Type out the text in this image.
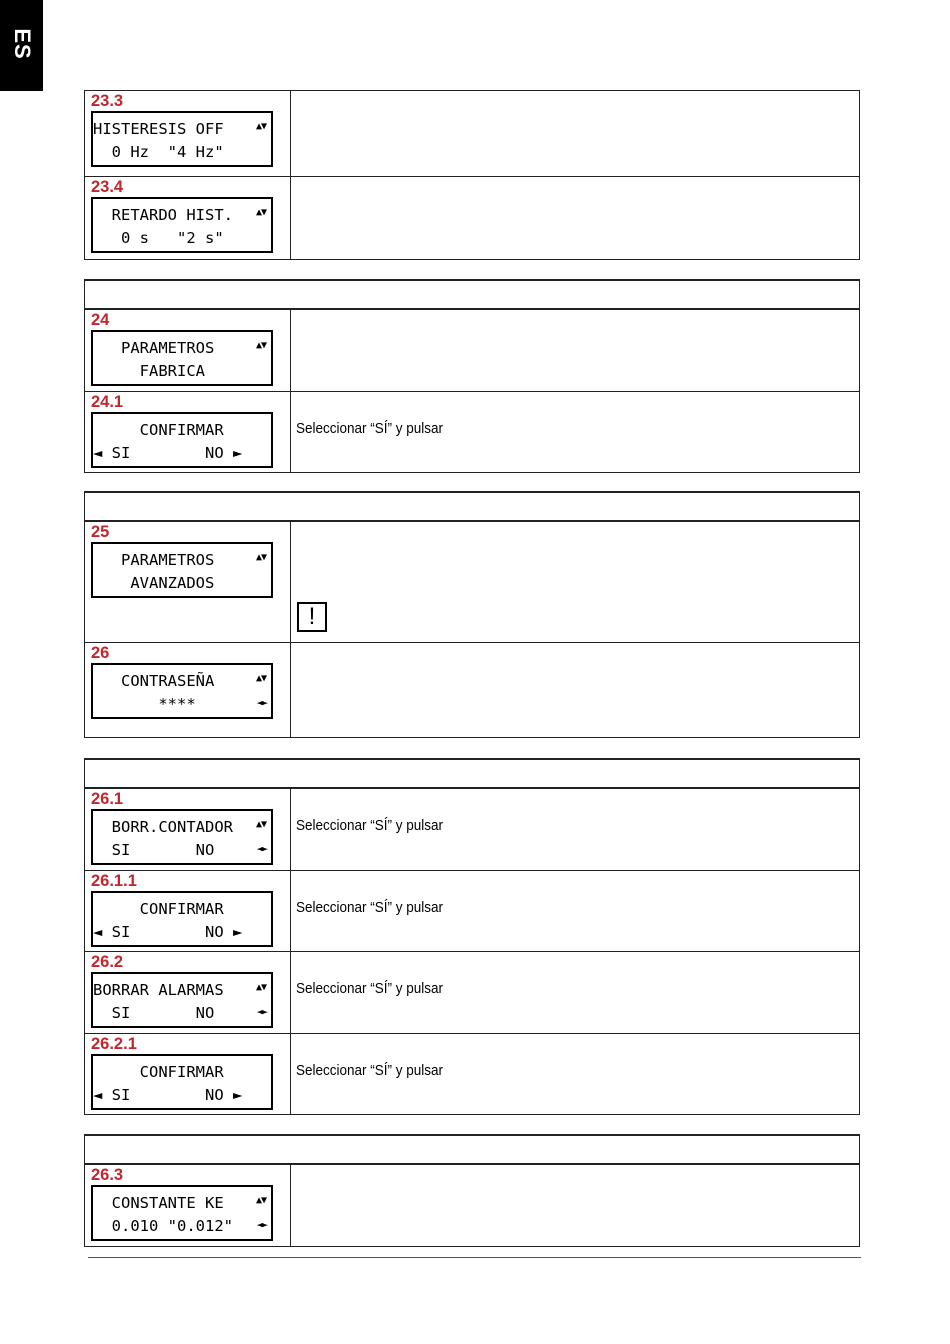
ES
23.3
HISTERESIS OFF
0 Hz  "4 Hz"
▲▼
23.4
RETARDO HIST.
0 s   "2 s"
▲▼
24
PARAMETROS
FABRICA
▲▼
24.1
CONFIRMAR
◄ SI        NO ►
Seleccionar “SÍ” y pulsar
25
PARAMETROS
AVANZADOS
▲▼
!
26
CONTRASEÑA
****
▲▼
◄►
26.1
BORR.CONTADOR
SI       NO
▲▼
◄►
Seleccionar “SÍ” y pulsar
26.1.1
CONFIRMAR
◄ SI        NO ►
Seleccionar “SÍ” y pulsar
26.2
BORRAR ALARMAS
SI       NO
▲▼
◄►
Seleccionar “SÍ” y pulsar
26.2.1
CONFIRMAR
◄ SI        NO ►
Seleccionar “SÍ” y pulsar
26.3
CONSTANTE KE
0.010 "0.012"
▲▼
◄►
